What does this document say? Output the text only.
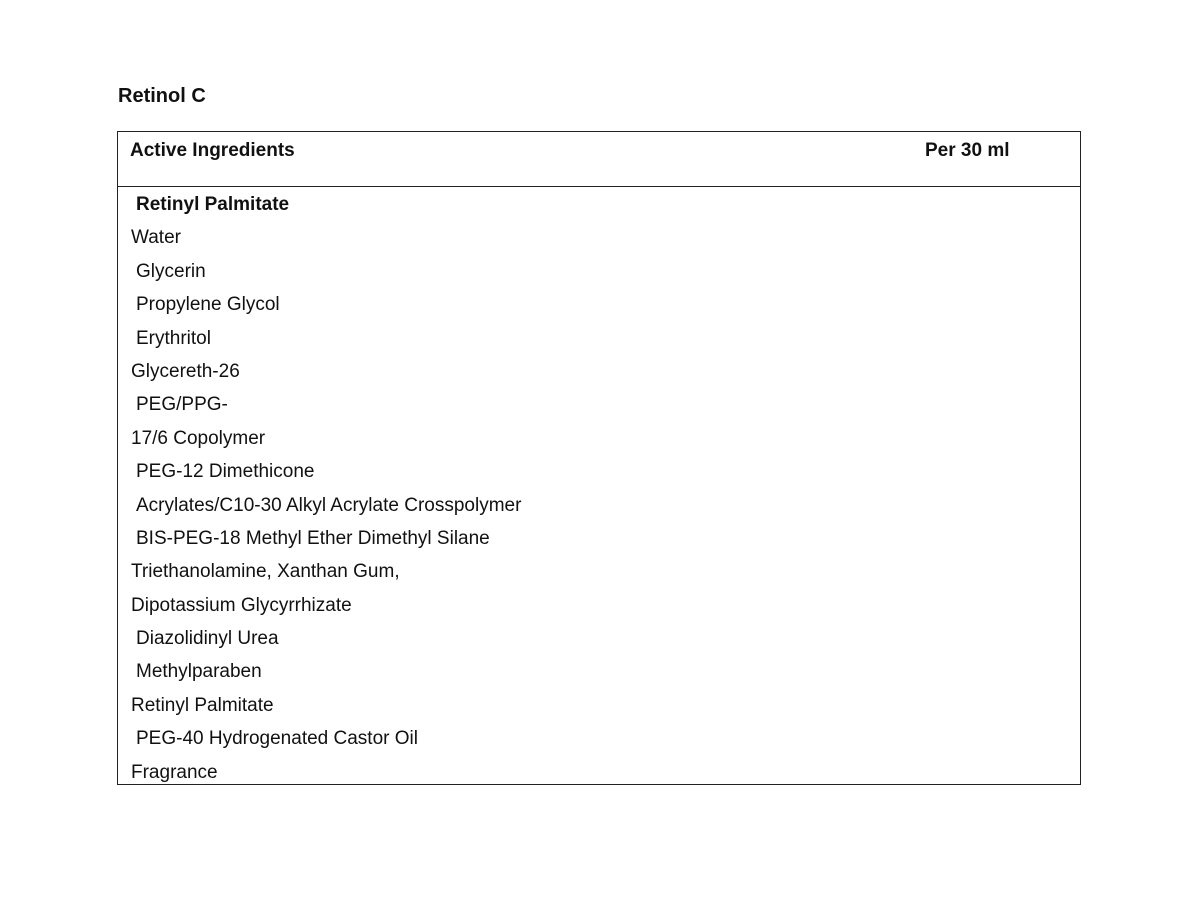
Retinol C
Active Ingredients	Per 30 ml
Retinyl Palmitate
Water
Glycerin
Propylene Glycol
Erythritol
Glycereth-26
PEG/PPG-
17/6 Copolymer
PEG-12 Dimethicone
Acrylates/C10-30 Alkyl Acrylate Crosspolymer
BIS-PEG-18 Methyl Ether Dimethyl Silane
Triethanolamine, Xanthan Gum,
Dipotassium Glycyrrhizate
Diazolidinyl Urea
Methylparaben
Retinyl Palmitate
PEG-40 Hydrogenated Castor Oil
Fragrance
